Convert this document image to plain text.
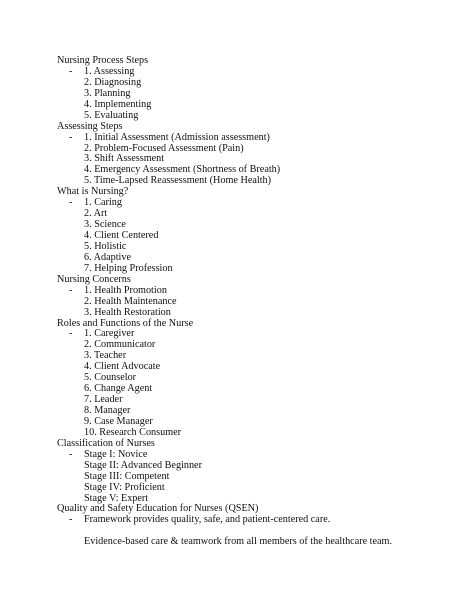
Nursing Process Steps
- 1. Assessing
2. Diagnosing
3. Planning
4. Implementing
5. Evaluating
Assessing Steps
- 1. Initial Assessment (Admission assessment)
2. Problem-Focused Assessment (Pain)
3. Shift Assessment
4. Emergency Assessment (Shortness of Breath)
5. Time-Lapsed Reassessment (Home Health)
What is Nursing?
- 1. Caring
2. Art
3. Science
4. Client Centered
5. Holistic
6. Adaptive
7. Helping Profession
Nursing Concerns
- 1. Health Promotion
2. Health Maintenance
3. Health Restoration
Roles and Functions of the Nurse
- 1. Caregiver
2. Communicator
3. Teacher
4. Client Advocate
5. Counselor
6. Change Agent
7. Leader
8. Manager
9. Case Manager
10. Research Consumer
Classification of Nurses
- Stage I: Novice
Stage II: Advanced Beginner
Stage III: Competent
Stage IV: Proficient
Stage V: Expert
Quality and Safety Education for Nurses (QSEN)
- Framework provides quality, safe, and patient-centered care.
Evidence-based care & teamwork from all members of the healthcare team.
